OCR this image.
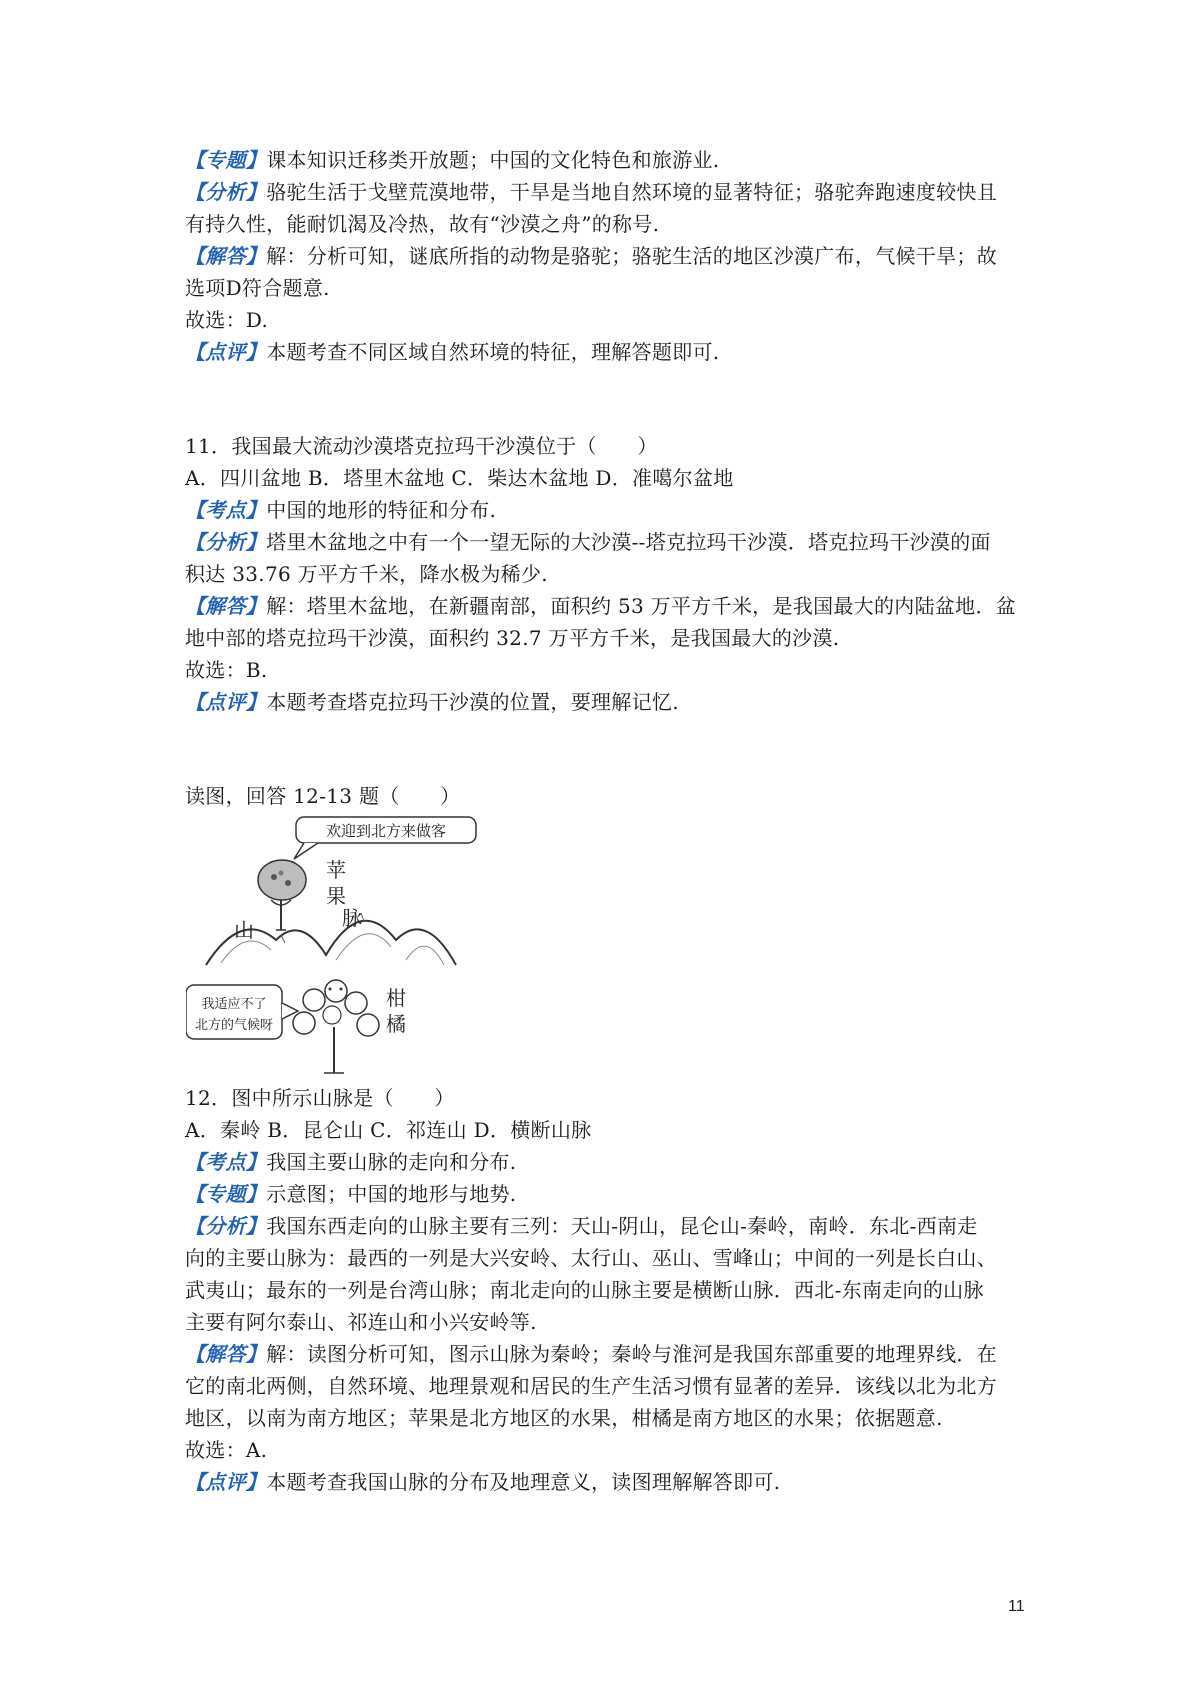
【专题】课本知识迁移类开放题；中国的文化特色和旅游业.
【分析】骆驼生活于戈壁荒漠地带，干旱是当地自然环境的显著特征；骆驼奔跑速度较快且
有持久性，能耐饥渴及冷热，故有“沙漠之舟”的称号.
【解答】解：分析可知，谜底所指的动物是骆驼；骆驼生活的地区沙漠广布，气候干旱；故
选项D符合题意.
故选：D.
【点评】本题考查不同区域自然环境的特征，理解答题即可.
11．我国最大流动沙漠塔克拉玛干沙漠位于（　　）
A．四川盆地 B．塔里木盆地 C．柴达木盆地 D．准噶尔盆地
【考点】中国的地形的特征和分布.
【分析】塔里木盆地之中有一个一望无际的大沙漠--塔克拉玛干沙漠．塔克拉玛干沙漠的面
积达 33.76 万平方千米，降水极为稀少.
【解答】解：塔里木盆地，在新疆南部，面积约 53 万平方千米，是我国最大的内陆盆地．盆
地中部的塔克拉玛干沙漠，面积约 32.7 万平方千米，是我国最大的沙漠.
故选：B.
【点评】本题考查塔克拉玛干沙漠的位置，要理解记忆.
读图，回答 12-13 题（　　）
欢迎到北方来做客
苹
果
山	脉
我适应不了
北方的气候呀
柑
橘
12．图中所示山脉是（　　）
A．秦岭 B．昆仑山 C．祁连山 D．横断山脉
【考点】我国主要山脉的走向和分布.
【专题】示意图；中国的地形与地势.
【分析】我国东西走向的山脉主要有三列：天山-阴山，昆仑山-秦岭，南岭．东北-西南走
向的主要山脉为：最西的一列是大兴安岭、太行山、巫山、雪峰山；中间的一列是长白山、
武夷山；最东的一列是台湾山脉；南北走向的山脉主要是横断山脉．西北-东南走向的山脉
主要有阿尔泰山、祁连山和小兴安岭等.
【解答】解：读图分析可知，图示山脉为秦岭；秦岭与淮河是我国东部重要的地理界线．在
它的南北两侧，自然环境、地理景观和居民的生产生活习惯有显著的差异．该线以北为北方
地区，以南为南方地区；苹果是北方地区的水果，柑橘是南方地区的水果；依据题意.
故选：A.
【点评】本题考查我国山脉的分布及地理意义，读图理解解答即可.
11
